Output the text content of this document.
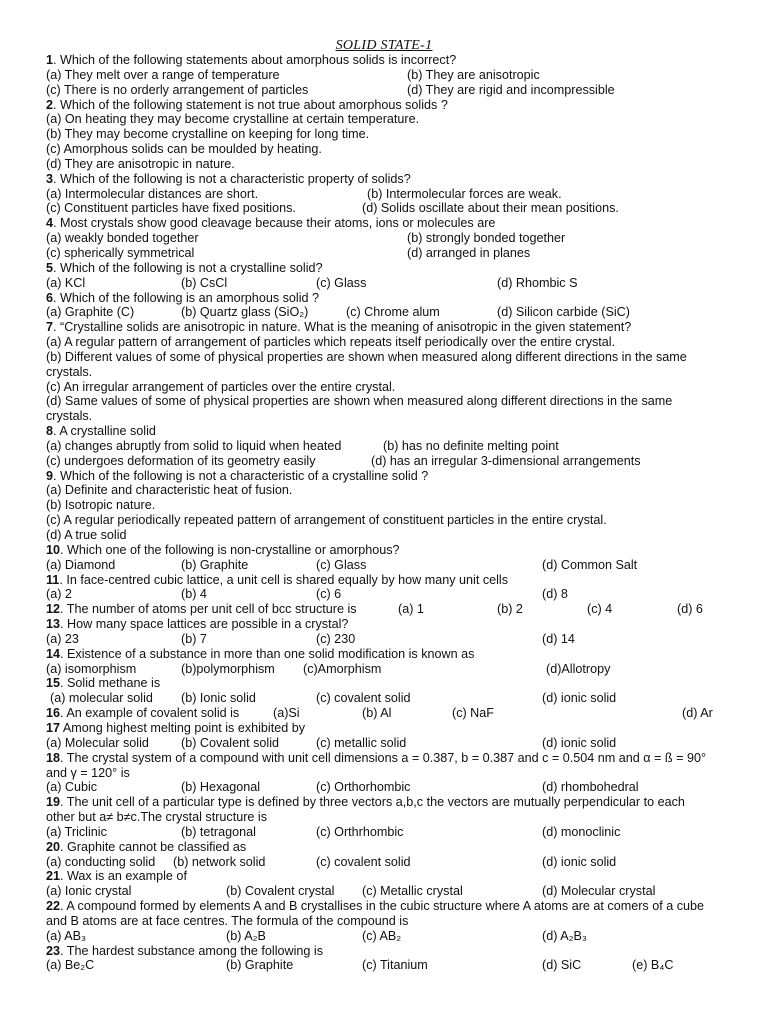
SOLID STATE-1
1. Which of the following statements about amorphous solids is incorrect?
(a) They melt over a range of temperature	(b) They are anisotropic
(c) There is no orderly arrangement of particles	(d) They are rigid and incompressible
2. Which of the following statement is not true about amorphous solids ?
(a) On heating they may become crystalline at certain temperature.
(b) They may become crystalline on keeping for long time.
(c) Amorphous solids can be moulded by heating.
(d) They are anisotropic in nature.
3. Which of the following is not a characteristic property of solids?
(a) Intermolecular distances are short.	(b) Intermolecular forces are weak.
(c) Constituent particles have fixed positions.	(d) Solids oscillate about their mean positions.
4. Most crystals show good cleavage because their atoms, ions or molecules are
(a) weakly bonded together	(b) strongly bonded together
(c) spherically symmetrical	(d) arranged in planes
5. Which of the following is not a crystalline solid?
(a) KCl	(b) CsCl	(c) Glass	(d) Rhombic S
6. Which of the following is an amorphous solid ?
(a) Graphite (C)	(b) Quartz glass (SiO₂)	(c) Chrome alum	(d) Silicon carbide (SiC)
7. “Crystalline solids are anisotropic in nature. What is the meaning of anisotropic in the given statement?
(a) A regular pattern of arrangement of particles which repeats itself periodically over the entire crystal.
(b) Different values of some of physical properties are shown when measured along different directions in the same crystals.
(c) An irregular arrangement of particles over the entire crystal.
(d) Same values of some of physical properties are shown when measured along different directions in the same crystals.
8. A crystalline solid
(a) changes abruptly from solid to liquid when heated	(b) has no definite melting point
(c) undergoes deformation of its geometry easily	(d) has an irregular 3-dimensional arrangements
9. Which of the following is not a characteristic of a crystalline solid ?
(a) Definite and characteristic heat of fusion.
(b) Isotropic nature.
(c) A regular periodically repeated pattern of arrangement of constituent particles in the entire crystal.
(d) A true solid
10. Which one of the following is non-crystalline or amorphous?
(a) Diamond	(b) Graphite	(c) Glass	(d) Common Salt
11. In face-centred cubic lattice, a unit cell is shared equally by how many unit cells
(a) 2	(b) 4	(c) 6	(d) 8
12. The number of atoms per unit cell of bcc structure is	(a) 1	(b) 2	(c) 4	(d) 6
13. How many space lattices are possible in a crystal?
(a) 23	(b) 7	(c) 230	(d) 14
14. Existence of a substance in more than one solid modification is known as
(a) isomorphism	(b)polymorphism (c)Amorphism	(d)Allotropy
15. Solid methane is
(a) molecular solid (b) Ionic solid	(c) covalent solid	(d) ionic solid
16. An example of covalent solid is	(a)Si	(b) Al	(c) NaF	(d) Ar
17 Among highest melting point is exhibited by
(a) Molecular solid	(b) Covalent solid	(c) metallic solid	(d) ionic solid
18. The crystal system of a compound with unit cell dimensions a = 0.387, b = 0.387 and c = 0.504 nm and α = ß = 90° and γ = 120° is
(a) Cubic	(b) Hexagonal	(c) Orthorhombic	(d) rhombohedral
19. The unit cell of a particular type is defined by three vectors a,b,c the vectors are mutually perpendicular to each other but a≠ b≠c.The crystal structure is
(a) Triclinic	(b) tetragonal	(c) Orthrhombic	(d) monoclinic
20. Graphite cannot be classified as
(a) conducting solid (b) network solid	(c) covalent solid	(d) ionic solid
21. Wax is an example of
(a) Ionic crystal	(b) Covalent crystal (c) Metallic crystal	(d) Molecular crystal
22. A compound formed by elements A and B crystallises in the cubic structure where A atoms are at comers of a cube and B atoms are at face centres. The formula of the compound is
(a) AB₃	(b) A₂B	(c) AB₂	(d) A₂B₃
23. The hardest substance among the following is
(a) Be₂C	(b) Graphite	(c) Titanium	(d) SiC	(e) B₄C
